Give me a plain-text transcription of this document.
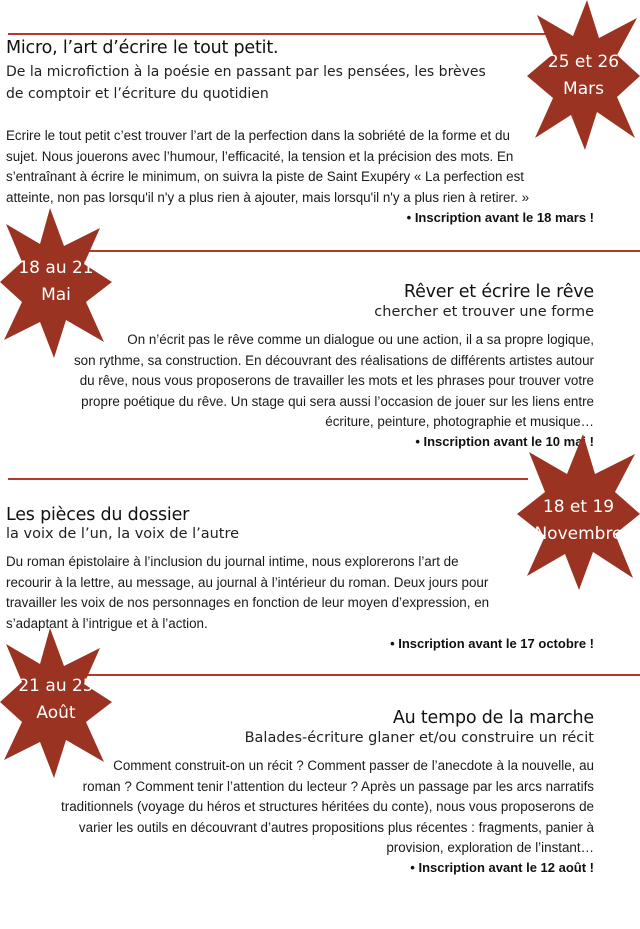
Micro, l’art d’écrire le tout petit.
De la microfiction à la poésie en passant par les pensées, les brèves
de comptoir et l’écriture du quotidien
Ecrire le tout petit c’est trouver l’art de la perfection dans la sobriété de la forme et du
sujet. Nous jouerons avec l’humour, l’efficacité, la tension et la précision des mots. En
s’entraînant à écrire le minimum, on suivra la piste de Saint Exupéry « La perfection est
atteinte, non pas lorsqu'il n'y a plus rien à ajouter, mais lorsqu'il n'y a plus rien à retirer. »
• Inscription avant le 18 mars !
25 et 26
Mars
Rêver et écrire le rêve
chercher et trouver une forme
On n’écrit pas le rêve comme un dialogue ou une action, il a sa propre logique,
son rythme, sa construction. En découvrant des réalisations de différents artistes autour
du rêve, nous vous proposerons de travailler les mots et les phrases pour trouver votre
propre poétique du rêve. Un stage qui sera aussi l’occasion de jouer sur les liens entre
écriture, peinture, photographie et musique…
• Inscription avant le 10 mai !
18 au 21
Mai
Les pièces du dossier
la voix de l’un, la voix de l’autre
Du roman épistolaire à l’inclusion du journal intime, nous explorerons l’art de
recourir à la lettre, au message, au journal à l’intérieur du roman. Deux jours pour
travailler les voix de nos personnages en fonction de leur moyen d’expression, en
s’adaptant à l’intrigue et à l’action.
• Inscription avant le 17 octobre !
18 et 19
Novembre
Au tempo de la marche
Balades-écriture glaner et/ou construire un récit
Comment construit-on un récit ? Comment passer de l’anecdote à la nouvelle, au
roman ? Comment tenir l’attention du lecteur ? Après un passage par les arcs narratifs
traditionnels (voyage du héros et structures héritées du conte), nous vous proposerons de
varier les outils en découvrant d’autres propositions plus récentes : fragments, panier à
provision, exploration de l’instant…
• Inscription avant le 12 août !
21 au 25
Août
